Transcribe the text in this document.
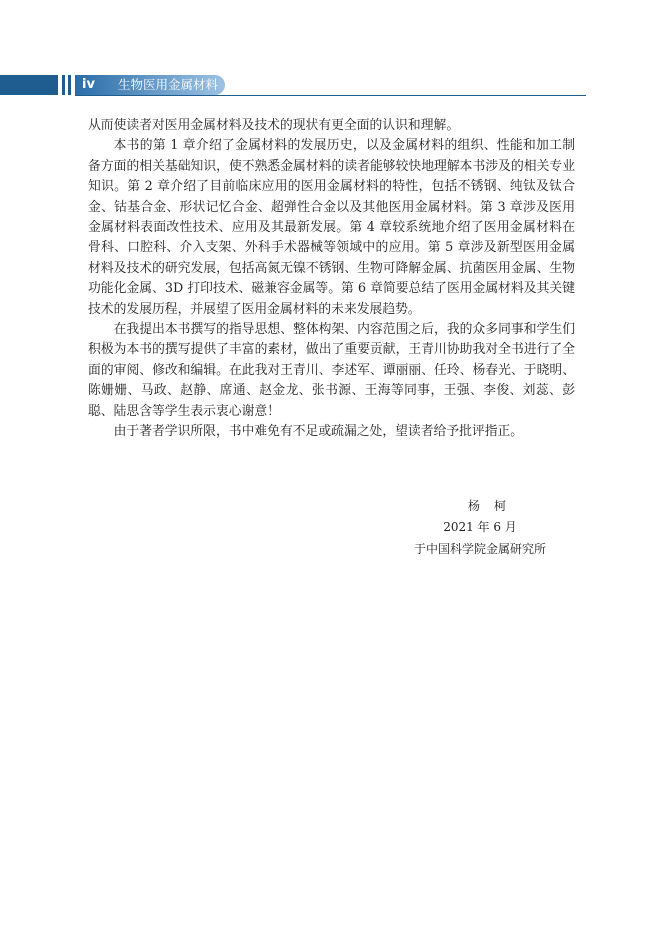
iv 生物医用金属材料

从而使读者对医用金属材料及技术的现状有更全面的认识和理解。

本书的第 1 章介绍了金属材料的发展历史，以及金属材料的组织、性能和加工制备方面的相关基础知识，使不熟悉金属材料的读者能够较快地理解本书涉及的相关专业知识。第 2 章介绍了目前临床应用的医用金属材料的特性，包括不锈钢、纯钛及钛合金、钴基合金、形状记忆合金、超弹性合金以及其他医用金属材料。第 3 章涉及医用金属材料表面改性技术、应用及其最新发展。第 4 章较系统地介绍了医用金属材料在骨科、口腔科、介入支架、外科手术器械等领域中的应用。第 5 章涉及新型医用金属材料及技术的研究发展，包括高氮无镍不锈钢、生物可降解金属、抗菌医用金属、生物功能化金属、3D 打印技术、磁兼容金属等。第 6 章简要总结了医用金属材料及其关键技术的发展历程，并展望了医用金属材料的未来发展趋势。

在我提出本书撰写的指导思想、整体构架、内容范围之后，我的众多同事和学生们积极为本书的撰写提供了丰富的素材，做出了重要贡献，王青川协助我对全书进行了全面的审阅、修改和编辑。在此我对王青川、李述军、谭丽丽、任玲、杨春光、于晓明、陈姗姗、马政、赵静、席通、赵金龙、张书源、王海等同事，王强、李俊、刘蕊、彭聪、陆思含等学生表示衷心谢意！

由于著者学识所限，书中难免有不足或疏漏之处，望读者给予批评指正。

杨柯
2021 年 6 月
于中国科学院金属研究所
